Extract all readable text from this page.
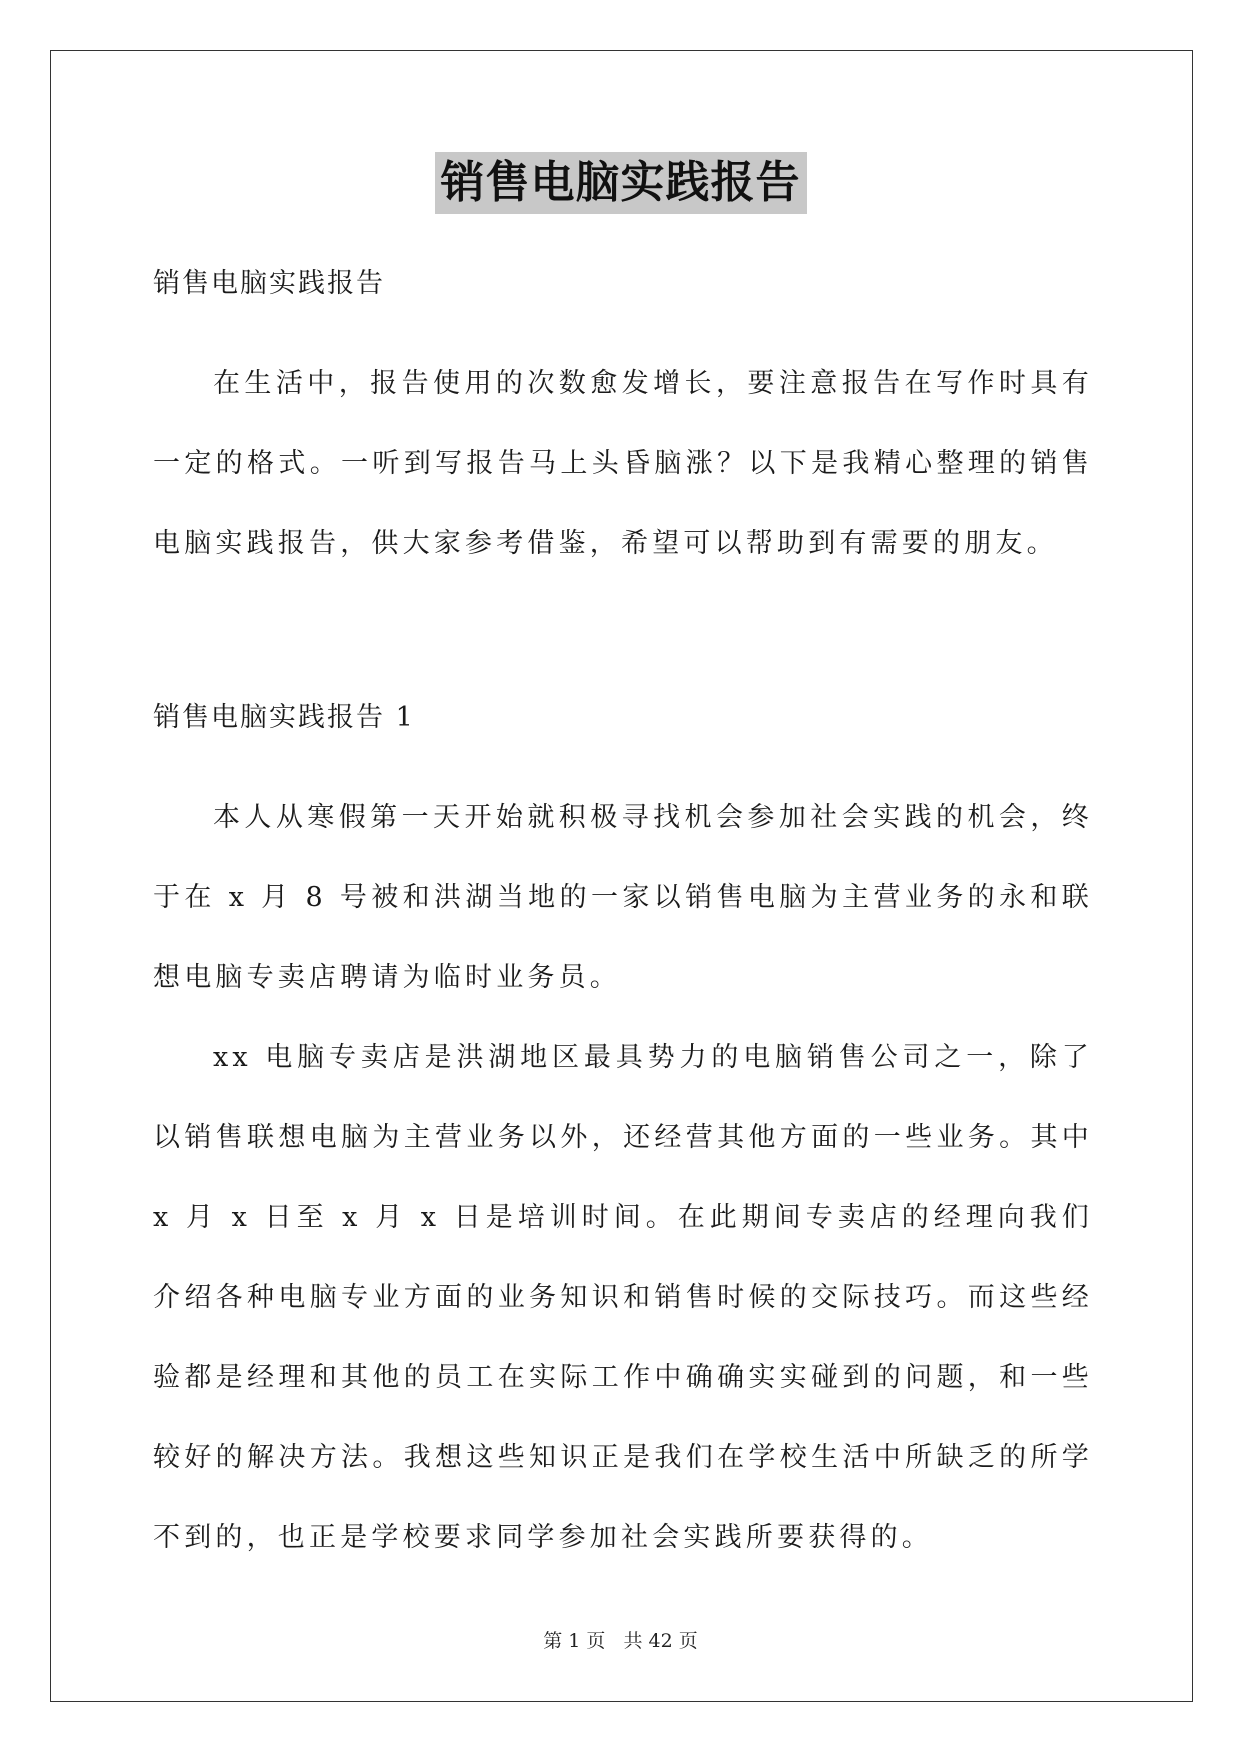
销售电脑实践报告

销售电脑实践报告

在生活中，报告使用的次数愈发增长，要注意报告在写作时具有一定的格式。一听到写报告马上头昏脑涨？以下是我精心整理的销售电脑实践报告，供大家参考借鉴，希望可以帮助到有需要的朋友。

销售电脑实践报告 1

本人从寒假第一天开始就积极寻找机会参加社会实践的机会，终于在 x 月 8 号被和洪湖当地的一家以销售电脑为主营业务的永和联想电脑专卖店聘请为临时业务员。

xx 电脑专卖店是洪湖地区最具势力的电脑销售公司之一，除了以销售联想电脑为主营业务以外，还经营其他方面的一些业务。其中 x 月 x 日至 x 月 x 日是培训时间。在此期间专卖店的经理向我们介绍各种电脑专业方面的业务知识和销售时候的交际技巧。而这些经验都是经理和其他的员工在实际工作中确确实实碰到的问题，和一些较好的解决方法。我想这些知识正是我们在学校生活中所缺乏的所学不到的，也正是学校要求同学参加社会实践所要获得的。

第 1 页 共 42 页
